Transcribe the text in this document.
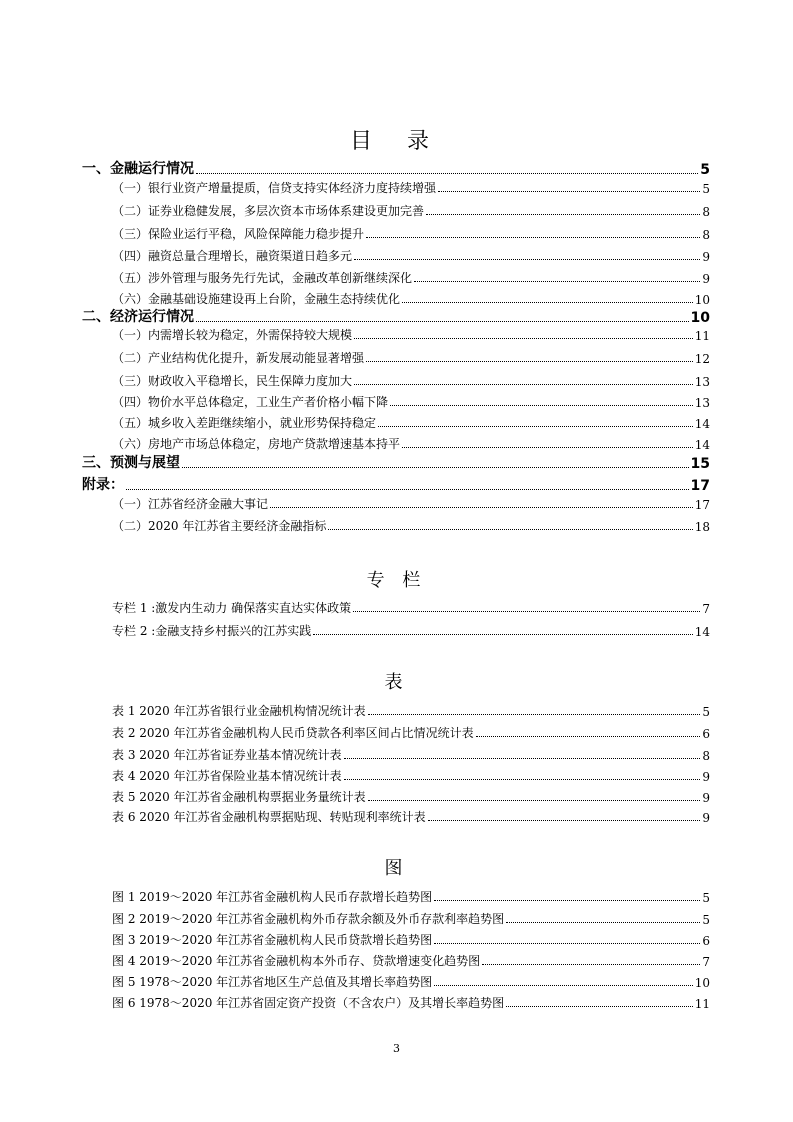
目 录
一、金融运行情况	5
（一）银行业资产增量提质，信贷支持实体经济力度持续增强	5
（二）证券业稳健发展，多层次资本市场体系建设更加完善	8
（三）保险业运行平稳，风险保障能力稳步提升	8
（四）融资总量合理增长，融资渠道日趋多元	9
（五）涉外管理与服务先行先试，金融改革创新继续深化	9
（六）金融基础设施建设再上台阶，金融生态持续优化	10
二、经济运行情况	10
（一）内需增长较为稳定，外需保持较大规模	11
（二）产业结构优化提升，新发展动能显著增强	12
（三）财政收入平稳增长，民生保障力度加大	13
（四）物价水平总体稳定，工业生产者价格小幅下降	13
（五）城乡收入差距继续缩小，就业形势保持稳定	14
（六）房地产市场总体稳定，房地产贷款增速基本持平	14
三、预测与展望	15
附录：	17
（一）江苏省经济金融大事记	17
（二）2020 年江苏省主要经济金融指标	18
专 栏
专栏 1 :激发内生动力 确保落实直达实体政策	7
专栏 2 :金融支持乡村振兴的江苏实践	14
表
表 1 2020 年江苏省银行业金融机构情况统计表	5
表 2 2020 年江苏省金融机构人民币贷款各利率区间占比情况统计表	6
表 3 2020 年江苏省证券业基本情况统计表	8
表 4 2020 年江苏省保险业基本情况统计表	9
表 5 2020 年江苏省金融机构票据业务量统计表	9
表 6 2020 年江苏省金融机构票据贴现、转贴现利率统计表	9
图
图 1 2019～2020 年江苏省金融机构人民币存款增长趋势图	5
图 2 2019～2020 年江苏省金融机构外币存款余额及外币存款利率趋势图	5
图 3 2019～2020 年江苏省金融机构人民币贷款增长趋势图	6
图 4 2019～2020 年江苏省金融机构本外币存、贷款增速变化趋势图	7
图 5 1978～2020 年江苏省地区生产总值及其增长率趋势图	10
图 6 1978～2020 年江苏省固定资产投资（不含农户）及其增长率趋势图	11
3
